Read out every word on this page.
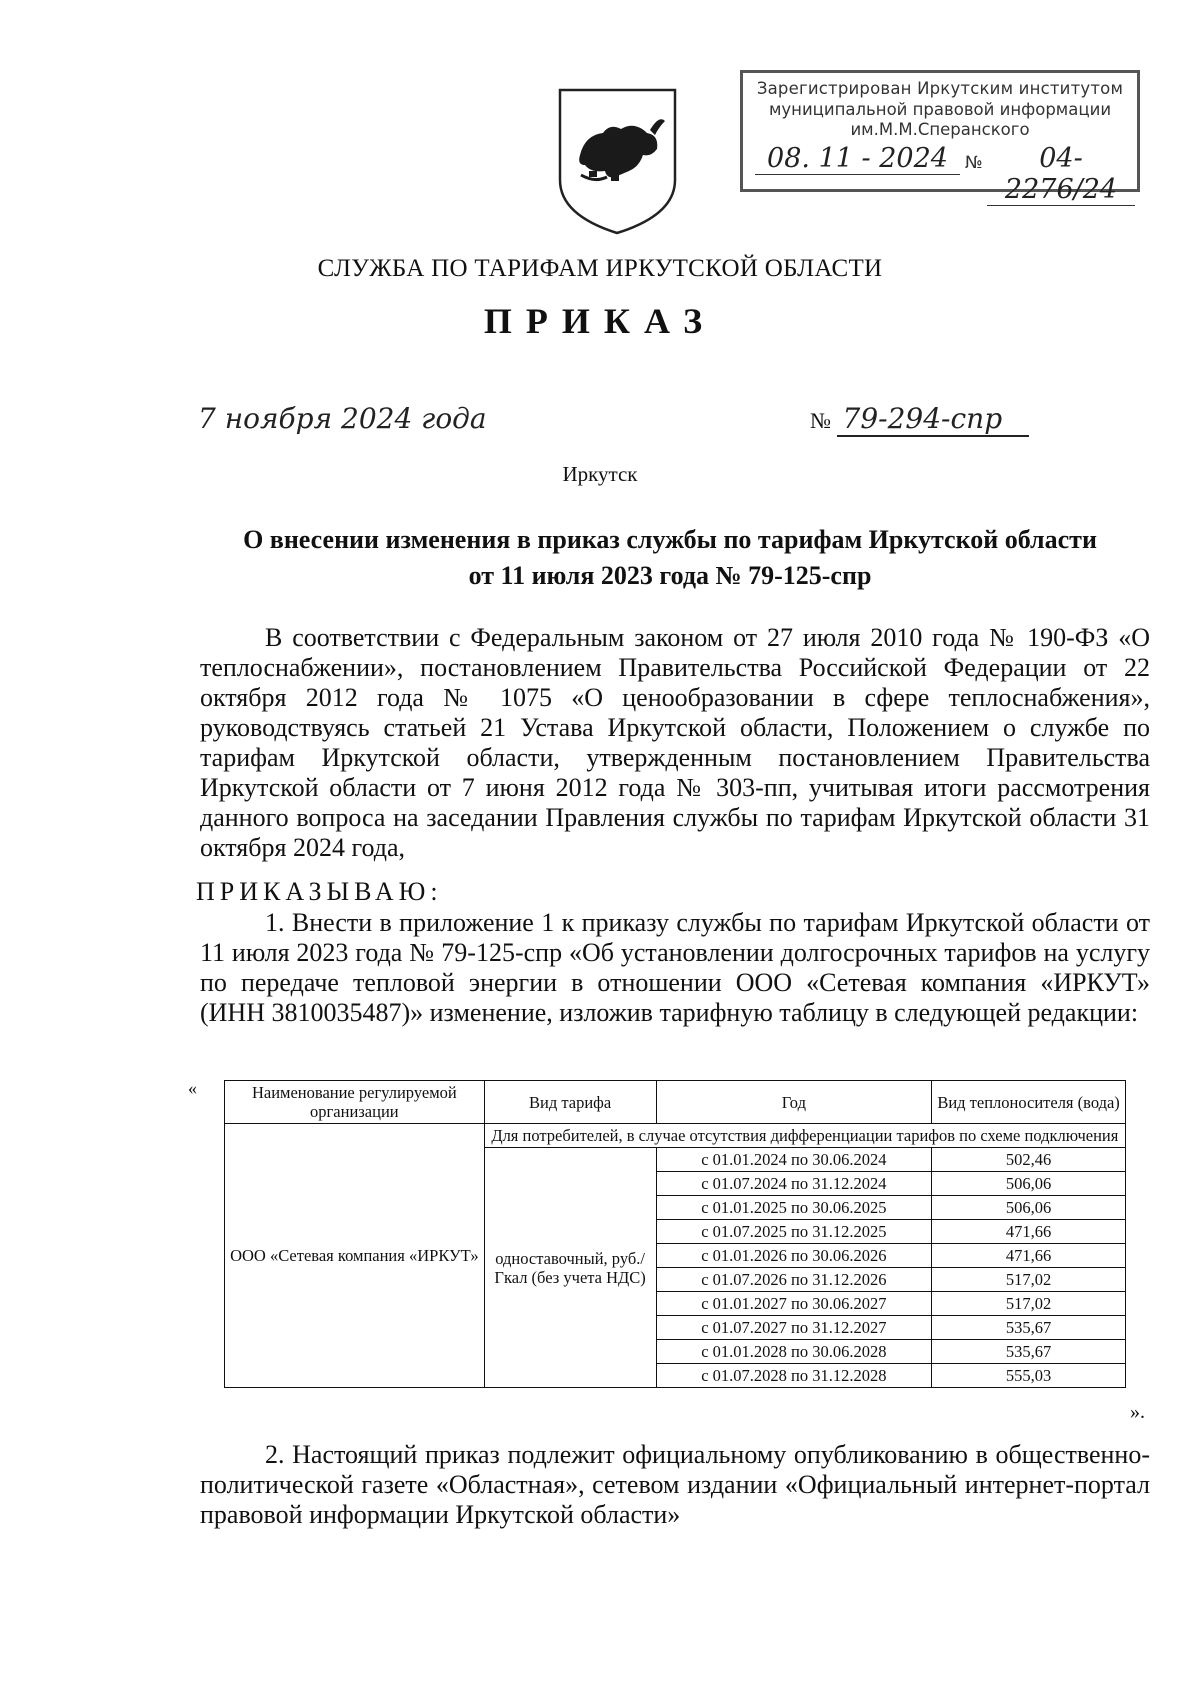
Зарегистрирован Иркутским институтом
муниципальной правовой информации
им.М.М.Сперанского
08. 11 - 2024	№	04-2276/24
СЛУЖБА ПО ТАРИФАМ ИРКУТСКОЙ ОБЛАСТИ
ПРИКАЗ
7 ноября 2024 года	№ 79-294-спр
Иркутск
О внесении изменения в приказ службы по тарифам Иркутской области
от 11 июля 2023 года № 79-125-спр
В соответствии с Федеральным законом от 27 июля 2010 года № 190-ФЗ «О теплоснабжении», постановлением Правительства Российской Федерации от 22 октября 2012 года № 1075 «О ценообразовании в сфере теплоснабжения», руководствуясь статьей 21 Устава Иркутской области, Положением о службе по тарифам Иркутской области, утвержденным постановлением Правительства Иркутской области от 7 июня 2012 года № 303-пп, учитывая итоги рассмотрения данного вопроса на заседании Правления службы по тарифам Иркутской области 31 октября 2024 года,
ПРИКАЗЫВАЮ:
1. Внести в приложение 1 к приказу службы по тарифам Иркутской области от 11 июля 2023 года № 79-125-спр «Об установлении долгосрочных тарифов на услугу по передаче тепловой энергии в отношении ООО «Сетевая компания «ИРКУТ» (ИНН 3810035487)» изменение, изложив тарифную таблицу в следующей редакции:
«	Наименование регулируемой организации	Вид тарифа	Год	Вид теплоносителя (вода)
ООО «Сетевая компания «ИРКУТ»	Для потребителей, в случае отсутствия дифференциации тарифов по схеме подключения		
	одноставочный, руб./Гкал (без учета НДС)	с 01.01.2024 по 30.06.2024	502,46
		с 01.07.2024 по 31.12.2024	506,06
		с 01.01.2025 по 30.06.2025	506,06
		с 01.07.2025 по 31.12.2025	471,66
		с 01.01.2026 по 30.06.2026	471,66
		с 01.07.2026 по 31.12.2026	517,02
		с 01.01.2027 по 30.06.2027	517,02
		с 01.07.2027 по 31.12.2027	535,67
		с 01.01.2028 по 30.06.2028	535,67
		с 01.07.2028 по 31.12.2028	555,03
».
2. Настоящий приказ подлежит официальному опубликованию в общественно-политической газете «Областная», сетевом издании «Официальный интернет-портал правовой информации Иркутской области»
